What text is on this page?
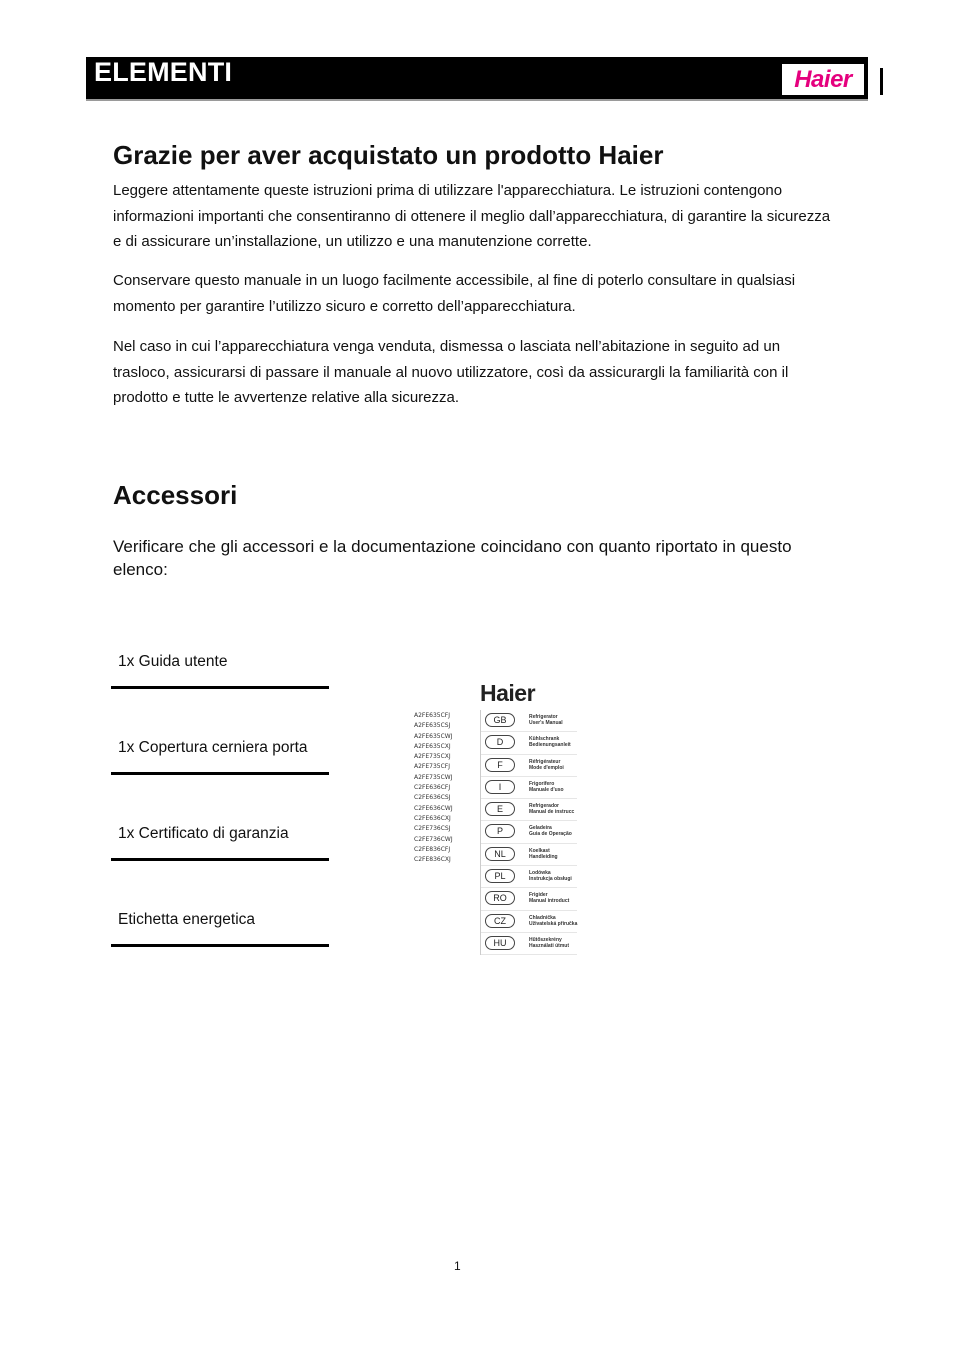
ELEMENTI	Haier
Grazie per aver acquistato un prodotto Haier

Leggere attentamente queste istruzioni prima di utilizzare l'apparecchiatura. Le istruzioni contengono informazioni importanti che consentiranno di ottenere il meglio dall’apparecchiatura, di garantire la sicurezza e di assicurare un’installazione, un utilizzo e una manutenzione corrette.

Conservare questo manuale in un luogo facilmente accessibile, al fine di poterlo consultare in qualsiasi momento per garantire l’utilizzo sicuro e corretto dell’apparecchiatura.

Nel caso in cui l’apparecchiatura venga venduta, dismessa o lasciata nell’abitazione in seguito ad un trasloco, assicurarsi di passare il manuale al nuovo utilizzatore, così da assicurargli la familiarità con il prodotto e tutte le avvertenze relative alla sicurezza.

Accessori

Verificare che gli accessori e la documentazione coincidano con quanto riportato in questo elenco:

1x Guida utente
1x Copertura cerniera porta
1x Certificato di garanzia
Etichetta energetica
Haier
A2FE635CFJ
A2FE635CSJ
A2FE635CWJ
A2FE635CXJ
A2FE735CXJ
A2FE735CFJ
A2FE735CWJ
C2FE636CFJ
C2FE636CSJ
C2FE636CWJ
C2FE636CXJ
C2FE736CSJ
C2FE736CWJ
C2FE836CFJ
C2FE836CXJ
GB	Refrigerator
User's Manual
D	Kühlschrank
Bedienungsanleit
F	Réfrigérateur
Mode d'emploi
I	Frigorifero
Manuale d'uso
E	Refrigerador
Manual de instrucc
P	Geladeira
Guia de Operação
NL	Koelkast
Handleiding
PL	Lodówka
Instrukcja obsługi
RO	Frigider
Manual introduct
CZ	Chladnička
Uživatelská příručka
HU	Hűtőszekrény
Használati útmut
1
